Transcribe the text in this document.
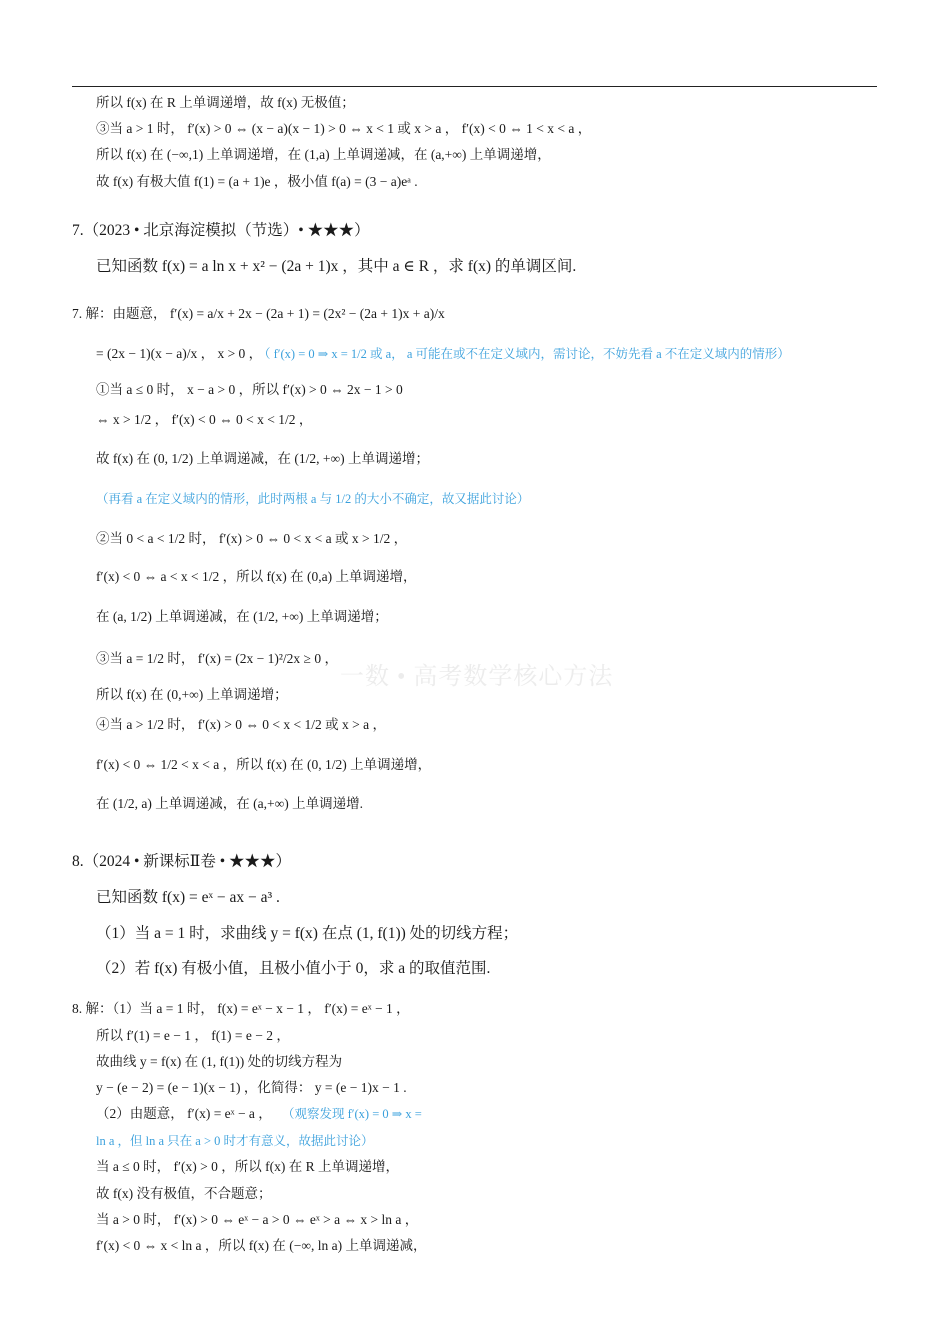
一数 • 高考数学核心方法
所以 f(x) 在 R 上单调递增，故 f(x) 无极值；
③当 a > 1 时， f′(x) > 0 ⇔ (x − a)(x − 1) > 0 ⇔ x < 1 或 x > a ， f′(x) < 0 ⇔ 1 < x < a ，
所以 f(x) 在 (−∞,1) 上单调递增，在 (1,a) 上单调递减，在 (a,+∞) 上单调递增，
故 f(x) 有极大值 f(1) = (a + 1)e ，极小值 f(a) = (3 − a)eᵃ .
7.（2023 • 北京海淀模拟（节选）• ★★★）
已知函数 f(x) = a ln x + x² − (2a + 1)x ，其中 a ∈ R ，求 f(x) 的单调区间.
7. 解：由题意， f′(x) = a/x + 2x − (2a + 1) = (2x² − (2a + 1)x + a)/x
= (2x − 1)(x − a)/x ， x > 0 ，
（ f′(x) = 0 ⇒ x = 1/2 或 a， a 可能在或不在定义域内，需讨论，不妨先看 a 不在定义域内的情形）
①当 a ≤ 0 时， x − a > 0 ，所以 f′(x) > 0 ⇔ 2x − 1 > 0
⇔ x > 1/2 ， f′(x) < 0 ⇔ 0 < x < 1/2 ，
故 f(x) 在 (0, 1/2) 上单调递减，在 (1/2, +∞) 上单调递增；
（再看 a 在定义域内的情形，此时两根 a 与 1/2 的大小不确定，故又据此讨论）
②当 0 < a < 1/2 时， f′(x) > 0 ⇔ 0 < x < a 或 x > 1/2 ，
f′(x) < 0 ⇔ a < x < 1/2 ，所以 f(x) 在 (0,a) 上单调递增，
在 (a, 1/2) 上单调递减，在 (1/2, +∞) 上单调递增；
③当 a = 1/2 时， f′(x) = (2x − 1)²/2x ≥ 0 ，
所以 f(x) 在 (0,+∞) 上单调递增；
④当 a > 1/2 时， f′(x) > 0 ⇔ 0 < x < 1/2 或 x > a ，
f′(x) < 0 ⇔ 1/2 < x < a ，所以 f(x) 在 (0, 1/2) 上单调递增，
在 (1/2, a) 上单调递减，在 (a,+∞) 上单调递增.
8.（2024 • 新课标Ⅱ卷 • ★★★）
已知函数 f(x) = eˣ − ax − a³ .
（1）当 a = 1 时，求曲线 y = f(x) 在点 (1, f(1)) 处的切线方程；
（2）若 f(x) 有极小值，且极小值小于 0，求 a 的取值范围.
8. 解：（1）当 a = 1 时， f(x) = eˣ − x − 1 ， f′(x) = eˣ − 1 ，
所以 f′(1) = e − 1 ， f(1) = e − 2 ，
故曲线 y = f(x) 在 (1, f(1)) 处的切线方程为
y − (e − 2) = (e − 1)(x − 1) ，化简得： y = (e − 1)x − 1 .
（2）由题意， f′(x) = eˣ − a ， （观察发现 f′(x) = 0 ⇒ x =
ln a ，但 ln a 只在 a > 0 时才有意义，故据此讨论）
当 a ≤ 0 时， f′(x) > 0 ，所以 f(x) 在 R 上单调递增，
故 f(x) 没有极值，不合题意；
当 a > 0 时， f′(x) > 0 ⇔ eˣ − a > 0 ⇔ eˣ > a ⇔ x > ln a ，
f′(x) < 0 ⇔ x < ln a ，所以 f(x) 在 (−∞, ln a) 上单调递减，
